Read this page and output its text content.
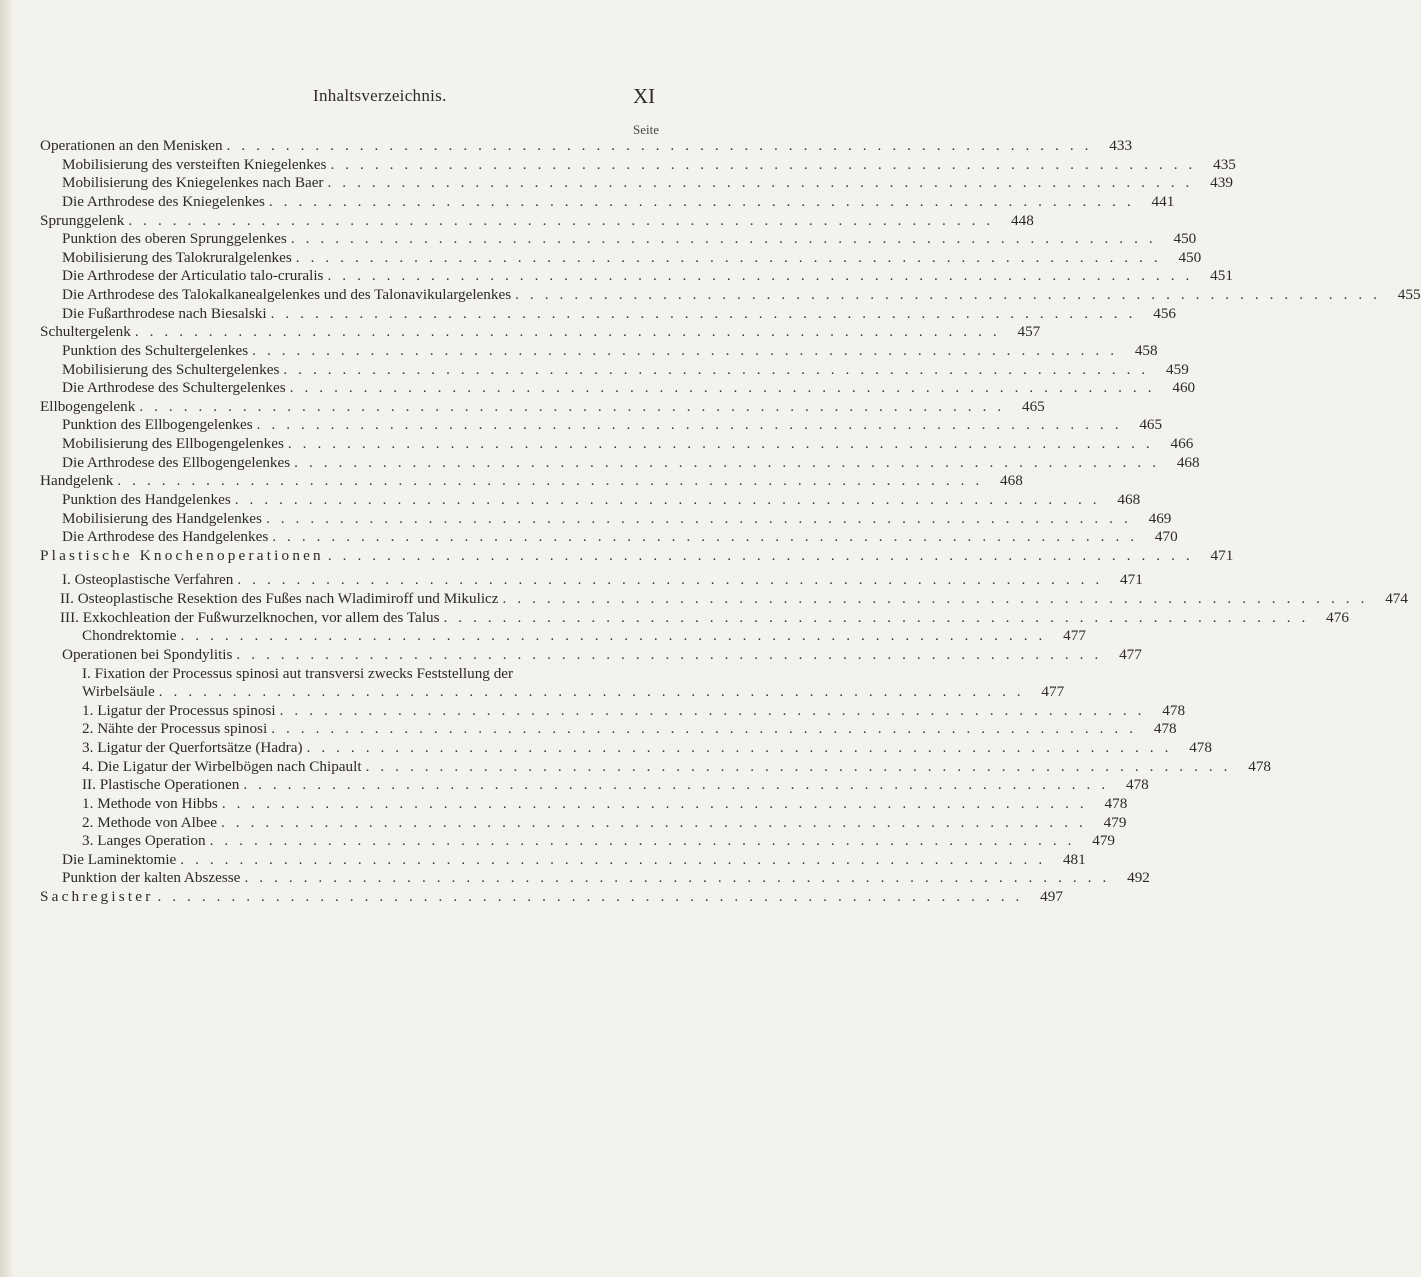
Inhaltsverzeichnis.	XI
Seite
Operationen an den Menisken . . . . . . . . . . . . . . . . . . . . . . . . . . . . . . . . . . . . . . . . . . . . . . . . . . . . . . . . . . .	433
Mobilisierung des versteiften Kniegelenkes . . . . . . . . . . . . . . . . . . . . . . . . . . . . . . . . . . . . . . . . . . . . . . . . . . . . . . . . . . .	435
Mobilisierung des Kniegelenkes nach Baer . . . . . . . . . . . . . . . . . . . . . . . . . . . . . . . . . . . . . . . . . . . . . . . . . . . . . . . . . . .	439
Die Arthrodese des Kniegelenkes . . . . . . . . . . . . . . . . . . . . . . . . . . . . . . . . . . . . . . . . . . . . . . . . . . . . . . . . . . .	441
Sprunggelenk . . . . . . . . . . . . . . . . . . . . . . . . . . . . . . . . . . . . . . . . . . . . . . . . . . . . . . . . . . .	448
Punktion des oberen Sprunggelenkes . . . . . . . . . . . . . . . . . . . . . . . . . . . . . . . . . . . . . . . . . . . . . . . . . . . . . . . . . . .	450
Mobilisierung des Talokruralgelenkes . . . . . . . . . . . . . . . . . . . . . . . . . . . . . . . . . . . . . . . . . . . . . . . . . . . . . . . . . . .	450
Die Arthrodese der Articulatio talo-cruralis . . . . . . . . . . . . . . . . . . . . . . . . . . . . . . . . . . . . . . . . . . . . . . . . . . . . . . . . . . .	451
Die Arthrodese des Talokalkanealgelenkes und des Talonavikulargelenkes . . . . . . . . . . . . . . . . . . . . . . . . . . . . . . . . . . . . . . . . . . . . . . . . . . . . . . . . . . .	455
Die Fußarthrodese nach Biesalski . . . . . . . . . . . . . . . . . . . . . . . . . . . . . . . . . . . . . . . . . . . . . . . . . . . . . . . . . . .	456
Schultergelenk . . . . . . . . . . . . . . . . . . . . . . . . . . . . . . . . . . . . . . . . . . . . . . . . . . . . . . . . . . .	457
Punktion des Schultergelenkes . . . . . . . . . . . . . . . . . . . . . . . . . . . . . . . . . . . . . . . . . . . . . . . . . . . . . . . . . . .	458
Mobilisierung des Schultergelenkes . . . . . . . . . . . . . . . . . . . . . . . . . . . . . . . . . . . . . . . . . . . . . . . . . . . . . . . . . . .	459
Die Arthrodese des Schultergelenkes . . . . . . . . . . . . . . . . . . . . . . . . . . . . . . . . . . . . . . . . . . . . . . . . . . . . . . . . . . .	460
Ellbogengelenk . . . . . . . . . . . . . . . . . . . . . . . . . . . . . . . . . . . . . . . . . . . . . . . . . . . . . . . . . . .	465
Punktion des Ellbogengelenkes . . . . . . . . . . . . . . . . . . . . . . . . . . . . . . . . . . . . . . . . . . . . . . . . . . . . . . . . . . .	465
Mobilisierung des Ellbogengelenkes . . . . . . . . . . . . . . . . . . . . . . . . . . . . . . . . . . . . . . . . . . . . . . . . . . . . . . . . . . .	466
Die Arthrodese des Ellbogengelenkes . . . . . . . . . . . . . . . . . . . . . . . . . . . . . . . . . . . . . . . . . . . . . . . . . . . . . . . . . . .	468
Handgelenk . . . . . . . . . . . . . . . . . . . . . . . . . . . . . . . . . . . . . . . . . . . . . . . . . . . . . . . . . . .	468
Punktion des Handgelenkes . . . . . . . . . . . . . . . . . . . . . . . . . . . . . . . . . . . . . . . . . . . . . . . . . . . . . . . . . . .	468
Mobilisierung des Handgelenkes . . . . . . . . . . . . . . . . . . . . . . . . . . . . . . . . . . . . . . . . . . . . . . . . . . . . . . . . . . .	469
Die Arthrodese des Handgelenkes . . . . . . . . . . . . . . . . . . . . . . . . . . . . . . . . . . . . . . . . . . . . . . . . . . . . . . . . . . .	470
Plastische Knochenoperationen . . . . . . . . . . . . . . . . . . . . . . . . . . . . . . . . . . . . . . . . . . . . . . . . . . . . . . . . . . .	471
I. Osteoplastische Verfahren . . . . . . . . . . . . . . . . . . . . . . . . . . . . . . . . . . . . . . . . . . . . . . . . . . . . . . . . . . .	471
II. Osteoplastische Resektion des Fußes nach Wladimiroff und Mikulicz . . . . . . . . . . . . . . . . . . . . . . . . . . . . . . . . . . . . . . . . . . . . . . . . . . . . . . . . . . .	474
III. Exkochleation der Fußwurzelknochen, vor allem des Talus . . . . . . . . . . . . . . . . . . . . . . . . . . . . . . . . . . . . . . . . . . . . . . . . . . . . . . . . . . .	476
Chondrektomie . . . . . . . . . . . . . . . . . . . . . . . . . . . . . . . . . . . . . . . . . . . . . . . . . . . . . . . . . . .	477
Operationen bei Spondylitis . . . . . . . . . . . . . . . . . . . . . . . . . . . . . . . . . . . . . . . . . . . . . . . . . . . . . . . . . . .	477
I. Fixation der Processus spinosi aut transversi zwecks Feststellung der
Wirbelsäule . . . . . . . . . . . . . . . . . . . . . . . . . . . . . . . . . . . . . . . . . . . . . . . . . . . . . . . . . . .	477
1. Ligatur der Processus spinosi . . . . . . . . . . . . . . . . . . . . . . . . . . . . . . . . . . . . . . . . . . . . . . . . . . . . . . . . . . .	478
2. Nähte der Processus spinosi . . . . . . . . . . . . . . . . . . . . . . . . . . . . . . . . . . . . . . . . . . . . . . . . . . . . . . . . . . .	478
3. Ligatur der Querfortsätze (Hadra) . . . . . . . . . . . . . . . . . . . . . . . . . . . . . . . . . . . . . . . . . . . . . . . . . . . . . . . . . . .	478
4. Die Ligatur der Wirbelbögen nach Chipault . . . . . . . . . . . . . . . . . . . . . . . . . . . . . . . . . . . . . . . . . . . . . . . . . . . . . . . . . . .	478
II. Plastische Operationen . . . . . . . . . . . . . . . . . . . . . . . . . . . . . . . . . . . . . . . . . . . . . . . . . . . . . . . . . . .	478
1. Methode von Hibbs . . . . . . . . . . . . . . . . . . . . . . . . . . . . . . . . . . . . . . . . . . . . . . . . . . . . . . . . . . .	478
2. Methode von Albee . . . . . . . . . . . . . . . . . . . . . . . . . . . . . . . . . . . . . . . . . . . . . . . . . . . . . . . . . . .	479
3. Langes Operation . . . . . . . . . . . . . . . . . . . . . . . . . . . . . . . . . . . . . . . . . . . . . . . . . . . . . . . . . . .	479
Die Laminektomie . . . . . . . . . . . . . . . . . . . . . . . . . . . . . . . . . . . . . . . . . . . . . . . . . . . . . . . . . . .	481
Punktion der kalten Abszesse . . . . . . . . . . . . . . . . . . . . . . . . . . . . . . . . . . . . . . . . . . . . . . . . . . . . . . . . . . .	492
Sachregister . . . . . . . . . . . . . . . . . . . . . . . . . . . . . . . . . . . . . . . . . . . . . . . . . . . . . . . . . . .	497
